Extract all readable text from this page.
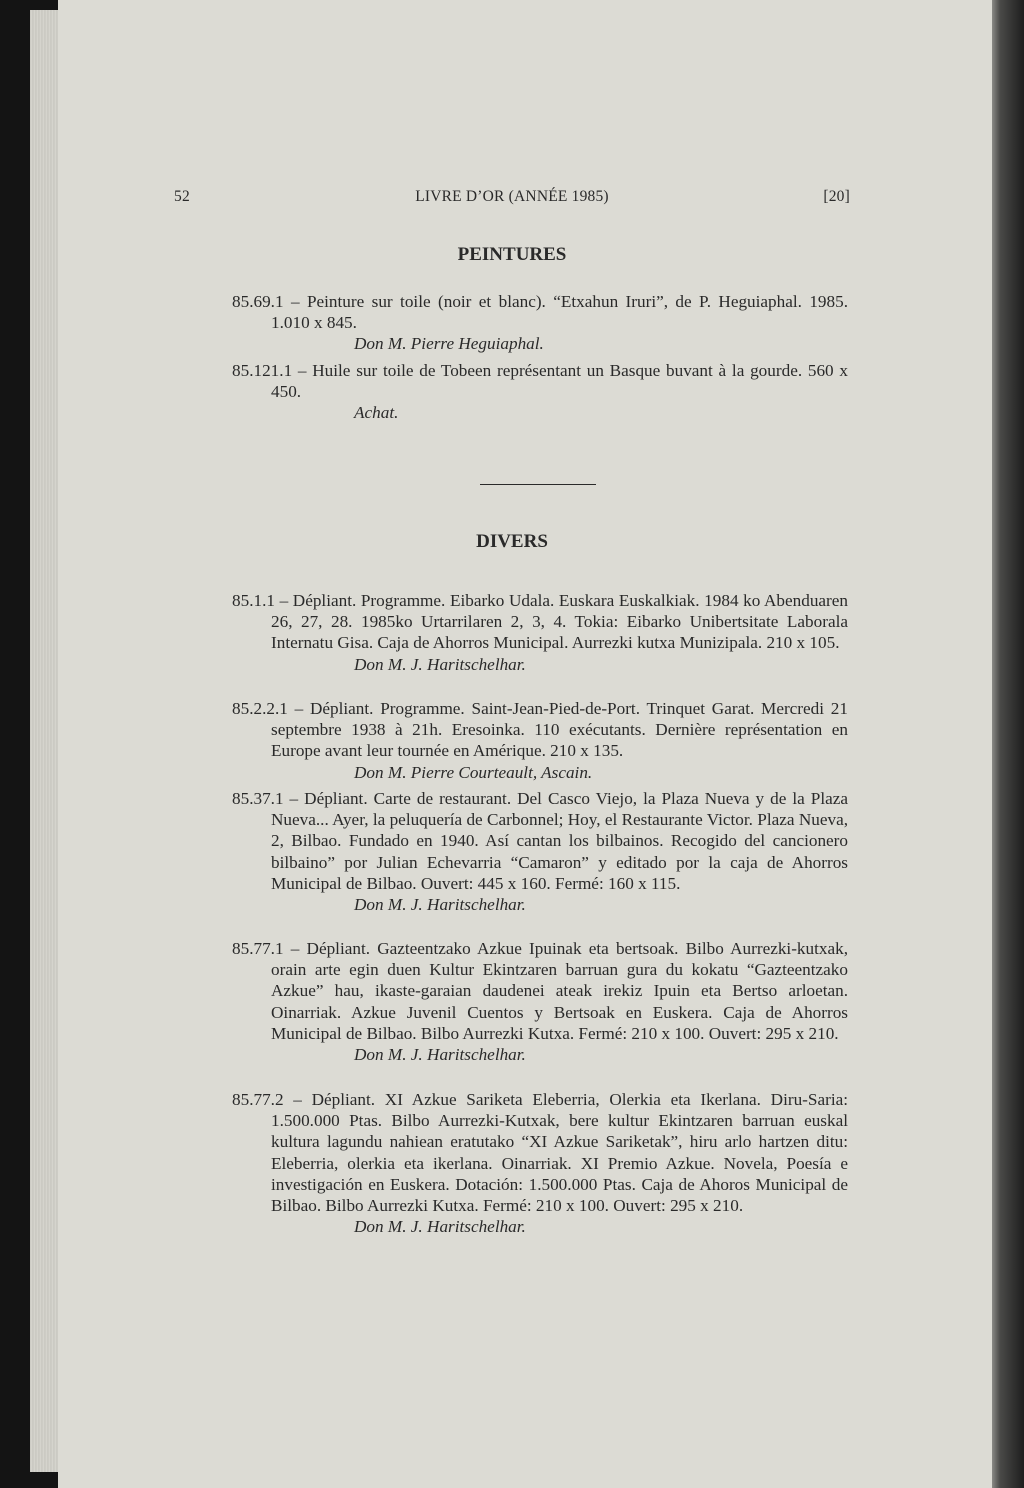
52	LIVRE D’OR (ANNÉE 1985)	[20]
PEINTURES
85.69.1 – Peinture sur toile (noir et blanc). “Etxahun Iruri”, de P. Heguiaphal. 1985. 1.010 x 845.
Don M. Pierre Heguiaphal.
85.121.1 – Huile sur toile de Tobeen représentant un Basque buvant à la gourde. 560 x 450.
Achat.
DIVERS
85.1.1 – Dépliant. Programme. Eibarko Udala. Euskara Euskalkiak. 1984 ko Abenduaren 26, 27, 28. 1985ko Urtarrilaren 2, 3, 4. Tokia: Eibarko Unibertsitate Laborala Internatu Gisa. Caja de Ahorros Municipal. Aurrezki kutxa Munizipala. 210 x 105.
Don M. J. Haritschelhar.
85.2.2.1 – Dépliant. Programme. Saint-Jean-Pied-de-Port. Trinquet Garat. Mercredi 21 septembre 1938 à 21h. Eresoinka. 110 exécutants. Dernière représentation en Europe avant leur tournée en Amérique. 210 x 135.
Don M. Pierre Courteault, Ascain.
85.37.1 – Dépliant. Carte de restaurant. Del Casco Viejo, la Plaza Nueva y de la Plaza Nueva... Ayer, la peluquería de Carbonnel; Hoy, el Restaurante Victor. Plaza Nueva, 2, Bilbao. Fundado en 1940. Así cantan los bilbainos. Recogido del cancionero bilbaino” por Julian Echevarria “Camaron” y editado por la caja de Ahorros Municipal de Bilbao. Ouvert: 445 x 160. Fermé: 160 x 115.
Don M. J. Haritschelhar.
85.77.1 – Dépliant. Gazteentzako Azkue Ipuinak eta bertsoak. Bilbo Aurrezki-kutxak, orain arte egin duen Kultur Ekintzaren barruan gura du kokatu “Gazteentzako Azkue” hau, ikaste-garaian daudenei ateak irekiz Ipuin eta Bertso arloetan. Oinarriak. Azkue Juvenil Cuentos y Bertsoak en Euskera. Caja de Ahorros Municipal de Bilbao. Bilbo Aurrezki Kutxa. Fermé: 210 x 100. Ouvert: 295 x 210.
Don M. J. Haritschelhar.
85.77.2 – Dépliant. XI Azkue Sariketa Eleberria, Olerkia eta Ikerlana. Diru-Saria: 1.500.000 Ptas. Bilbo Aurrezki-Kutxak, bere kultur Ekintzaren barruan euskal kultura lagundu nahiean eratutako “XI Azkue Sariketak”, hiru arlo hartzen ditu: Eleberria, olerkia eta ikerlana. Oinarriak. XI Premio Azkue. Novela, Poesía e investigación en Euskera. Dotación: 1.500.000 Ptas. Caja de Ahoros Municipal de Bilbao. Bilbo Aurrezki Kutxa. Fermé: 210 x 100. Ouvert: 295 x 210.
Don M. J. Haritschelhar.
